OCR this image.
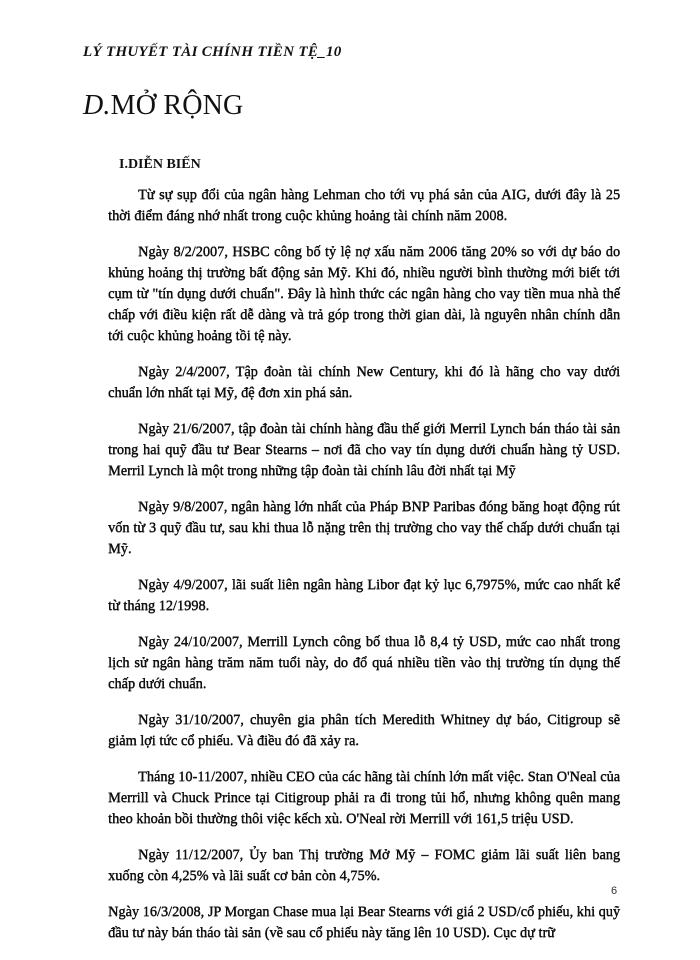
LÝ THUYẾT TÀI CHÍNH TIỀN TỆ_10
D.MỞ RỘNG
I.DIỄN BIẾN

Từ sự sụp đổi của ngân hàng Lehman cho tới vụ phá sản của AIG, dưới đây là 25 thời điểm đáng nhớ nhất trong cuộc khủng hoảng tài chính năm 2008.

Ngày 8/2/2007, HSBC công bố tỷ lệ nợ xấu năm 2006 tăng 20% so với dự báo do khủng hoảng thị trường bất động sản Mỹ. Khi đó, nhiều người bình thường mới biết tới cụm từ "tín dụng dưới chuẩn". Đây là hình thức các ngân hàng cho vay tiền mua nhà thế chấp với điều kiện rất dễ dàng và trả góp trong thời gian dài, là nguyên nhân chính dẫn tới cuộc khủng hoảng tồi tệ này.

Ngày 2/4/2007, Tập đoàn tài chính New Century, khi đó là hãng cho vay dưới chuẩn lớn nhất tại Mỹ, đệ đơn xin phá sản.

Ngày 21/6/2007, tập đoàn tài chính hàng đầu thế giới Merril Lynch bán tháo tài sản trong hai quỹ đầu tư Bear Stearns – nơi đã cho vay tín dụng dưới chuẩn hàng tỷ USD. Merril Lynch là một trong những tập đoàn tài chính lâu đời nhất tại Mỹ

Ngày 9/8/2007, ngân hàng lớn nhất của Pháp BNP Paribas đóng băng hoạt động rút vốn từ 3 quỹ đầu tư, sau khi thua lỗ nặng trên thị trường cho vay thế chấp dưới chuẩn tại Mỹ.

Ngày 4/9/2007, lãi suất liên ngân hàng Libor đạt kỷ lục 6,7975%, mức cao nhất kể từ tháng 12/1998.

Ngày 24/10/2007, Merrill Lynch công bố thua lỗ 8,4 tỷ USD, mức cao nhất trong lịch sử ngân hàng trăm năm tuổi này, do đổ quá nhiều tiền vào thị trường tín dụng thế chấp dưới chuẩn.

Ngày 31/10/2007, chuyên gia phân tích Meredith Whitney dự báo, Citigroup sẽ giảm lợi tức cổ phiếu. Và điều đó đã xảy ra.

Tháng 10-11/2007, nhiều CEO của các hãng tài chính lớn mất việc. Stan O'Neal của Merrill và Chuck Prince tại Citigroup phải ra đi trong tủi hổ, nhưng không quên mang theo khoản bồi thường thôi việc kếch xù. O'Neal rời Merrill với 161,5 triệu USD.

Ngày 11/12/2007, Ủy ban Thị trường Mở Mỹ – FOMC giảm lãi suất liên bang xuống còn 4,25% và lãi suất cơ bản còn 4,75%.

Ngày 16/3/2008, JP Morgan Chase mua lại Bear Stearns với giá 2 USD/cổ phiếu, khi quỹ đầu tư này bán tháo tài sản (về sau cổ phiếu này tăng lên 10 USD). Cục dự trữ

6
